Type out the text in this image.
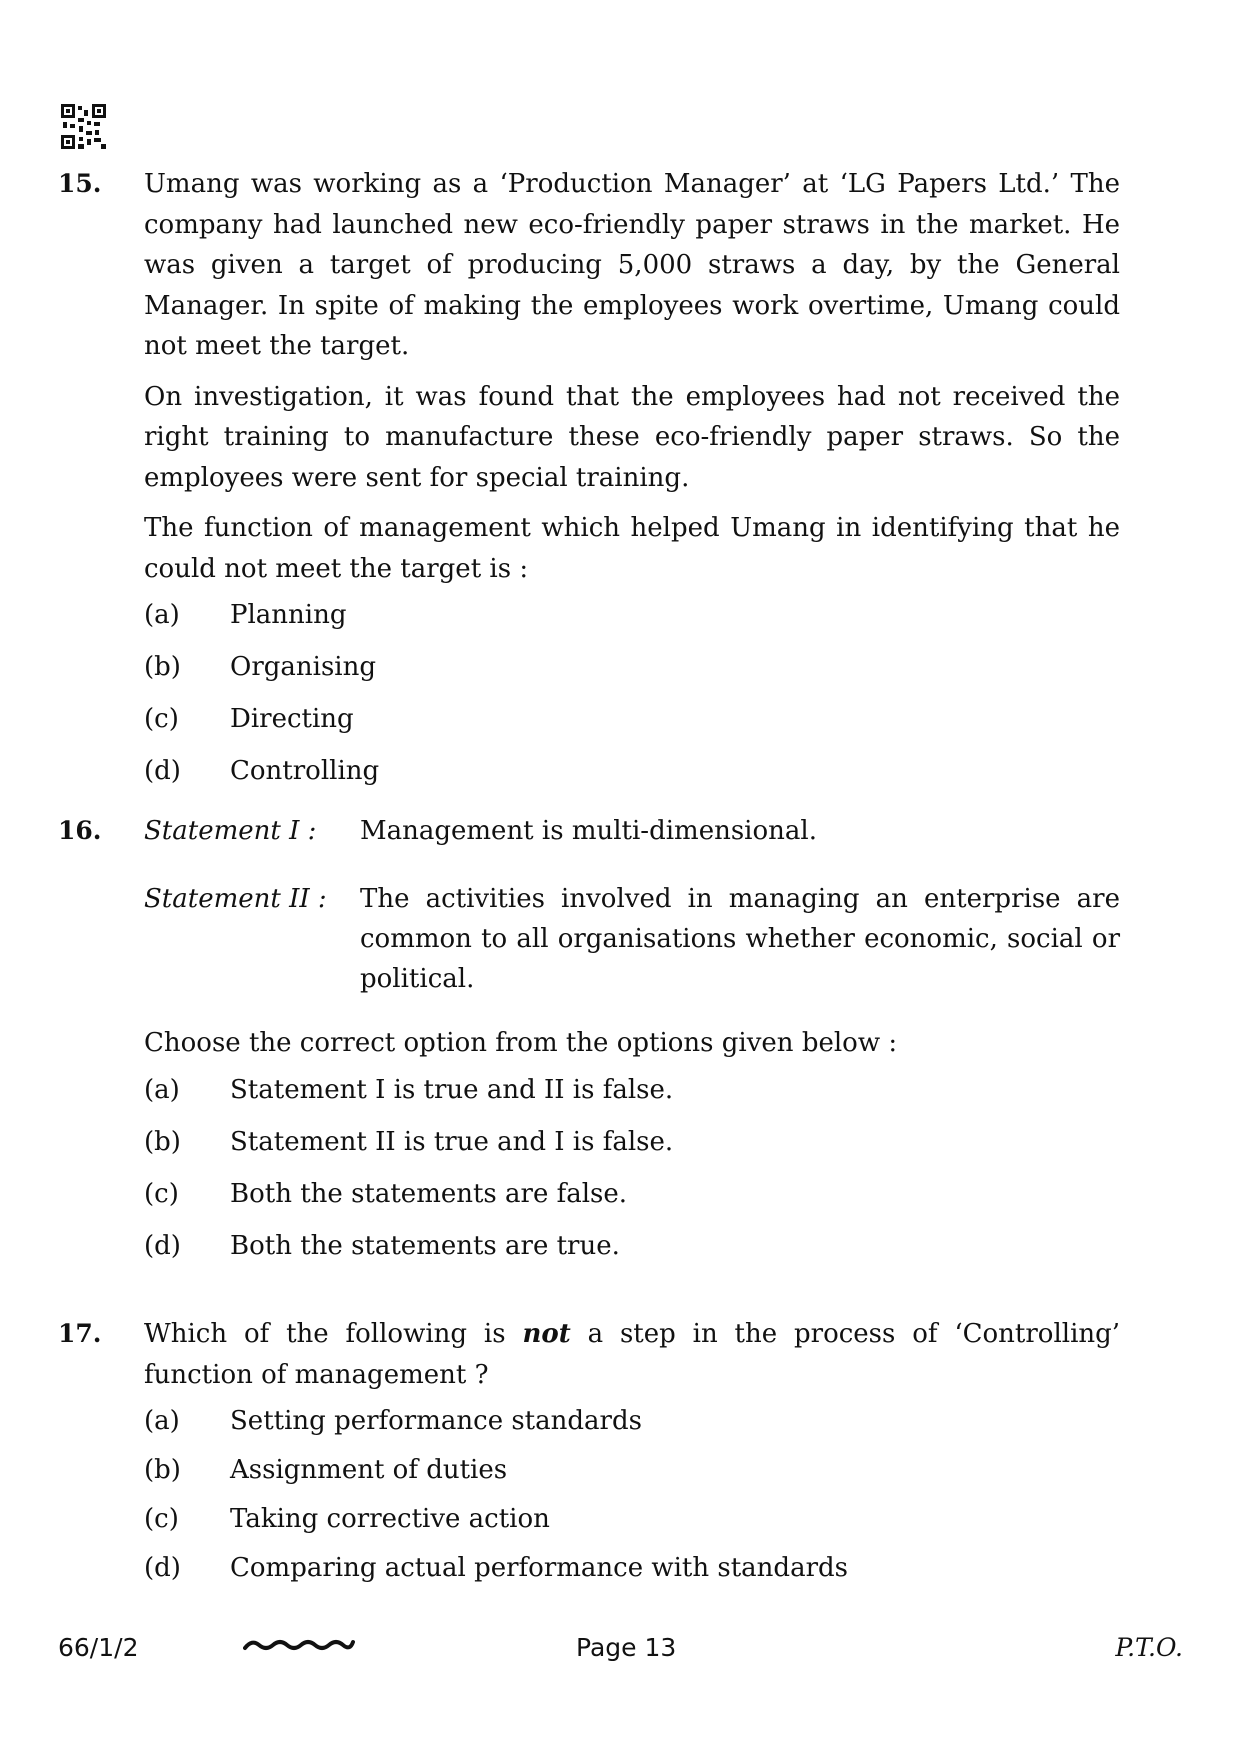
15. Umang was working as a ‘Production Manager’ at ‘LG Papers Ltd.’ The company had launched new eco-friendly paper straws in the market. He was given a target of producing 5,000 straws a day, by the General Manager. In spite of making the employees work overtime, Umang could not meet the target.

On investigation, it was found that the employees had not received the right training to manufacture these eco-friendly paper straws. So the employees were sent for special training.

The function of management which helped Umang in identifying that he could not meet the target is :

(a)	Planning
(b)	Organising
(c)	Directing
(d)	Controlling
16. Statement I :	Management is multi-dimensional.
Statement II :	The activities involved in managing an enterprise are common to all organisations whether economic, social or political.

Choose the correct option from the options given below :

(a)	Statement I is true and II is false.
(b)	Statement II is true and I is false.
(c)	Both the statements are false.
(d)	Both the statements are true.
17. Which of the following is not a step in the process of ‘Controlling’ function of management ?

(a)	Setting performance standards
(b)	Assignment of duties
(c)	Taking corrective action
(d)	Comparing actual performance with standards
66/1/2	Page 13	P.T.O.
